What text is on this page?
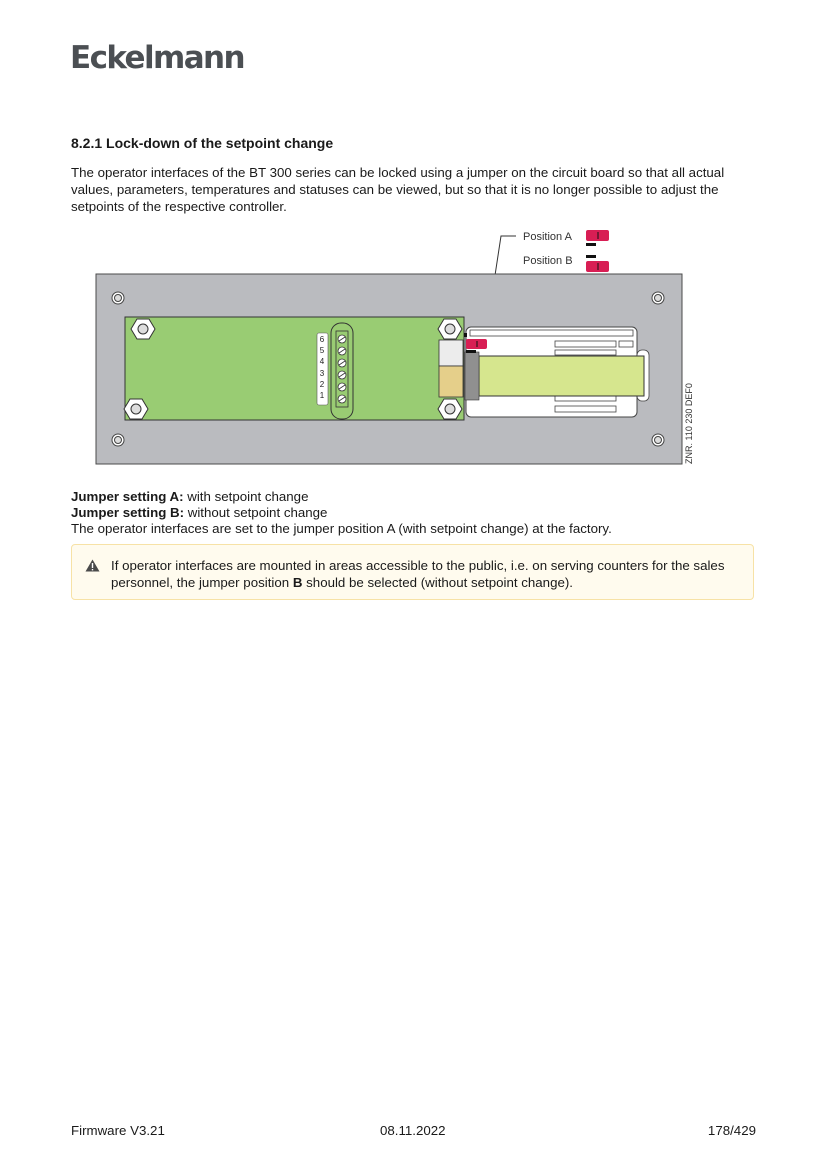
Eckelmann
8.2.1 Lock-down of the setpoint change

The operator interfaces of the BT 300 series can be locked using a jumper on the circuit board so that all actual values, parameters, temperatures and statuses can be viewed, but so that it is no longer possible to adjust the setpoints of the respective controller.

Position A
Position B
6
5
4
3
2
1	ZNR. 110 230 DEF0
Jumper setting A: with setpoint change
Jumper setting B: without setpoint change
The operator interfaces are set to the jumper position A (with setpoint change) at the factory.

If operator interfaces are mounted in areas accessible to the public, i.e. on serving counters for the sales personnel, the jumper position B should be selected (without setpoint change).

Firmware V3.21	08.11.2022	178/429
